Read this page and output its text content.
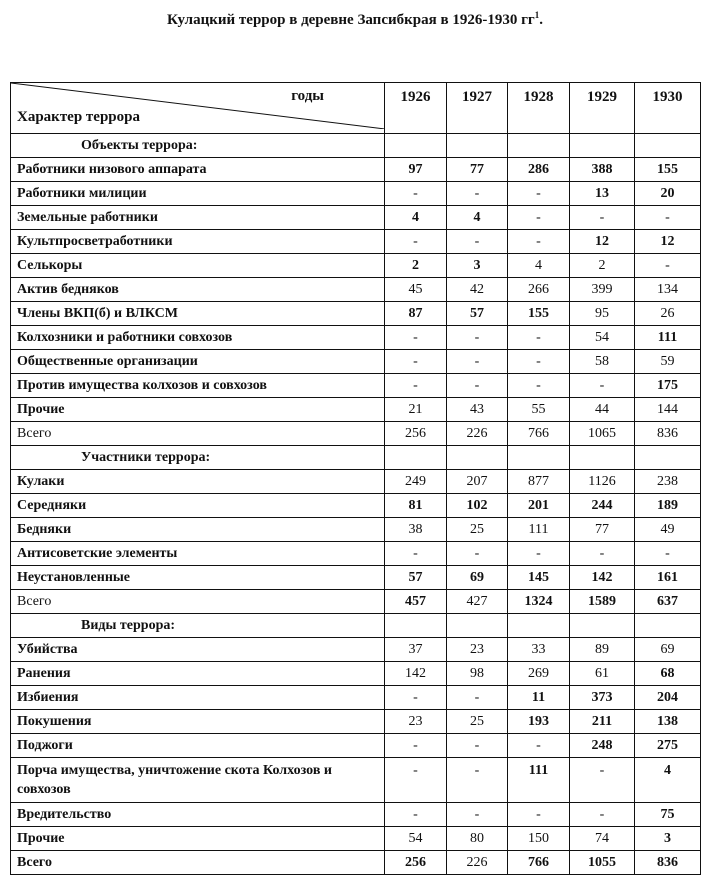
Кулацкий террор в деревне Запсибкрая в 1926-1930 $гг^1$.
годы
Характер террора	1926	1927	1928	1929	1930
Объекты террора:					
Работники низового аппарата	97	77	286	388	155
Работники милиции	-	-	-	13	20
Земельные работники	4	4	-	-	-
Культпросветработники	-	-	-	12	12
Селькоры	2	3	4	2	-
Актив бедняков	45	42	266	399	134
Члены ВКП(б) и ВЛКСМ	87	57	155	95	26
Колхозники и работники совхозов	-	-	-	54	111
Общественные организации	-	-	-	58	59
Против имущества колхозов и совхозов	-	-	-	-	175
Прочие	21	43	55	44	144
Всего	256	226	766	1065	836
Участники террора:					
Кулаки	249	207	877	1126	238
Середняки	81	102	201	244	189
Бедняки	38	25	111	77	49
Антисоветские элементы	-	-	-	-	-
Неустановленные	57	69	145	142	161
Всего	457	427	1324	1589	637
Виды террора:					
Убийства	37	23	33	89	69
Ранения	142	98	269	61	68
Избиения	-	-	11	373	204
Покушения	23	25	193	211	138
Поджоги	-	-	-	248	275
Порча имущества, уничтожение скота Колхозов и совхозов	-	-	111	-	4
Вредительство	-	-	-	-	75
Прочие	54	80	150	74	3
Всего	256	226	766	1055	836
